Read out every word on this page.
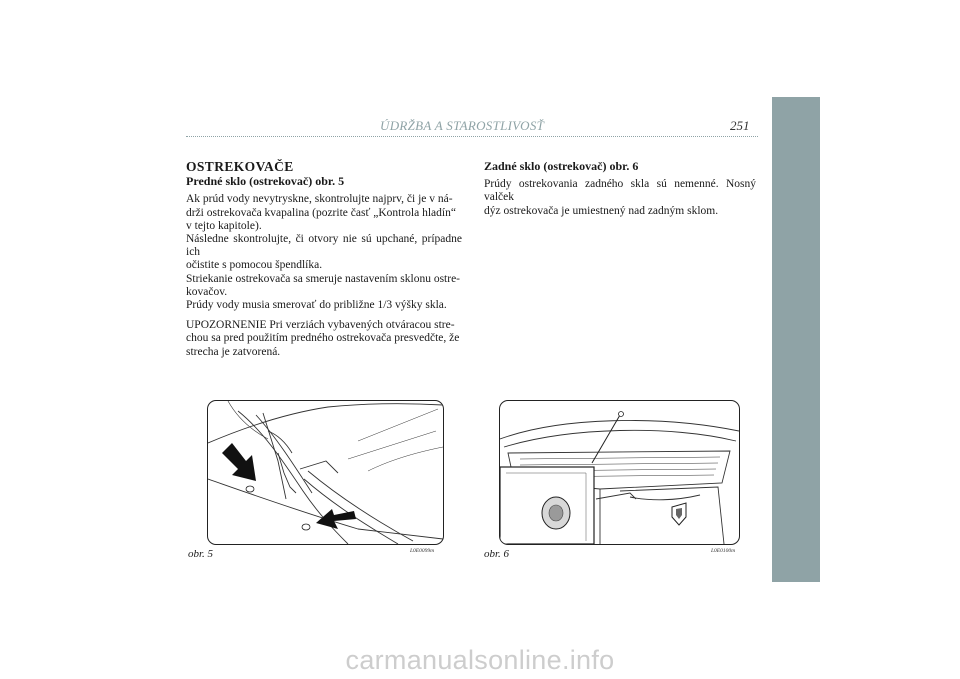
ÚDRŽBA A STAROSTLIVOSŤ	251
OSTREKOVAČE
Predné sklo (ostrekovač) obr. 5

Ak prúd vody nevytryskne, skontrolujte najprv, či je v ná-
drži ostrekovača kvapalina (pozrite časť „Kontrola hladín“
v tejto kapitole).
Následne skontrolujte, či otvory nie sú upchané, prípadne ich
očistite s pomocou špendlíka.
Striekanie ostrekovača sa smeruje nastavením sklonu ostre-
kovačov.
Prúdy vody musia smerovať do približne 1/3 výšky skla.

UPOZORNENIE Pri verziách vybavených otváracou stre-
chou sa pred použitím predného ostrekovača presvedčte, že
strecha je zatvorená.

Zadné sklo (ostrekovač) obr. 6

Prúdy ostrekovania zadného skla sú nemenné. Nosný valček
dýz ostrekovača je umiestnený nad zadným sklom.

obr. 5	L0E0099m	obr. 6	L0E0100m
carmanualsonline.info
